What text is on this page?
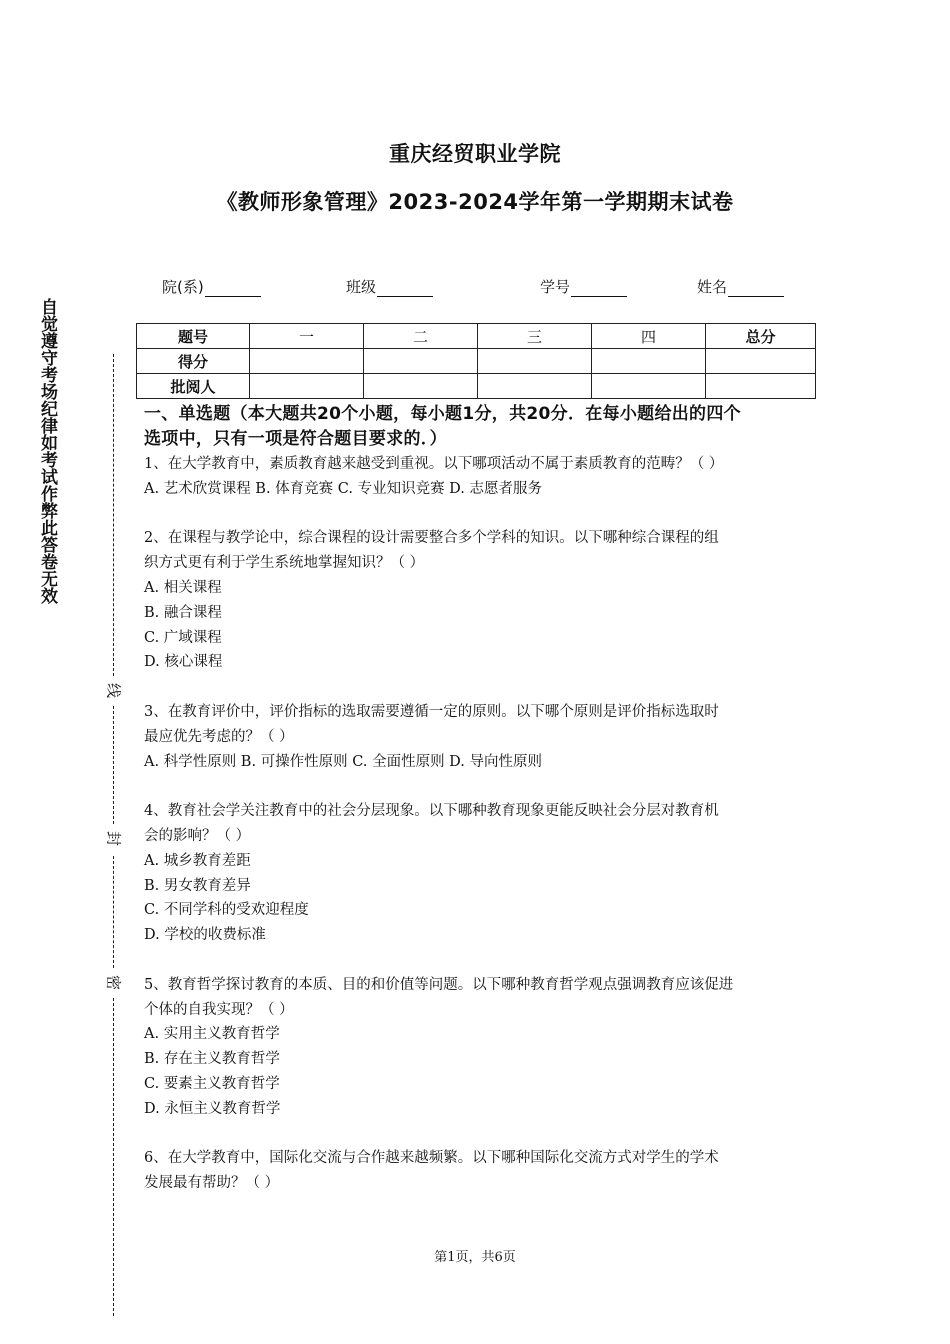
重庆经贸职业学院
《教师形象管理》2023-2024学年第一学期期末试卷
自觉遵守考场纪律如考试作弊此答卷无效
线
封
密
院(系)	班级	学号	姓名
题号	一	二	三	四	总分
得分					
批阅人					

一、单选题（本大题共20个小题，每小题1分，共20分．在每小题给出的四个

选项中，只有一项是符合题目要求的．）

1、在大学教育中，素质教育越来越受到重视。以下哪项活动不属于素质教育的范畴？（ ）

A. 艺术欣赏课程 B. 体育竞赛 C. 专业知识竞赛 D. 志愿者服务

2、在课程与教学论中，综合课程的设计需要整合多个学科的知识。以下哪种综合课程的组

织方式更有利于学生系统地掌握知识？（ ）

A. 相关课程

B. 融合课程

C. 广域课程

D. 核心课程

3、在教育评价中，评价指标的选取需要遵循一定的原则。以下哪个原则是评价指标选取时

最应优先考虑的？（ ）

A. 科学性原则 B. 可操作性原则 C. 全面性原则 D. 导向性原则

4、教育社会学关注教育中的社会分层现象。以下哪种教育现象更能反映社会分层对教育机

会的影响？（ ）

A. 城乡教育差距

B. 男女教育差异

C. 不同学科的受欢迎程度

D. 学校的收费标准

5、教育哲学探讨教育的本质、目的和价值等问题。以下哪种教育哲学观点强调教育应该促进

个体的自我实现？（ ）

A. 实用主义教育哲学

B. 存在主义教育哲学

C. 要素主义教育哲学

D. 永恒主义教育哲学

6、在大学教育中，国际化交流与合作越来越频繁。以下哪种国际化交流方式对学生的学术

发展最有帮助？（ ）

第1页，共6页
